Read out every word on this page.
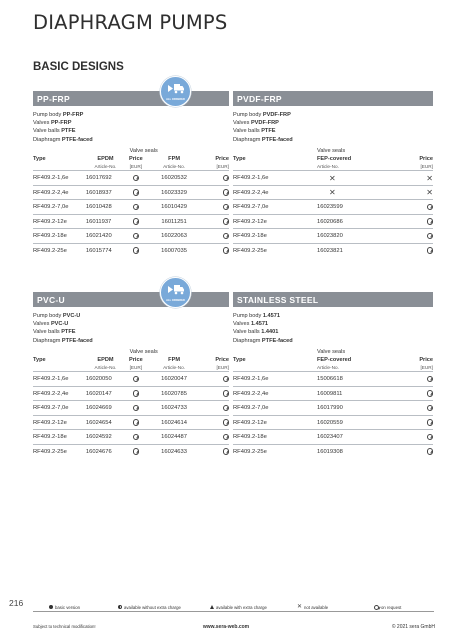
DIAPHRAGM PUMPS
BASIC DESIGNS
PP-FRP
Pump body PP-FRP
Valves PP-FRP
Valve balls PTFE
Diaphragm PTFE-faced
	Valve seals			
Type	EPDM	Price	FPM	Price
	Article-No.	[EUR]	Article-No.	[EUR]
RF409.2-1,6e	16017692		16020532	
RF409.2-2,4e	16018937		16023329	
RF409.2-7,0e	16010428		16010429	
RF409.2-12e	16011937		16011251	
RF409.2-18e	16021420		16022063	
RF409.2-25e	16015774		16007035	
PVDF-FRP
Pump body PVDF-FRP
Valves PVDF-FRP
Valve balls PTFE
Diaphragm PTFE-faced
	Valve seals	
Type	FEP-covered	Price
	Article-No.	[EUR]
RF409.2-1,6e	✕	✕
RF409.2-2,4e	✕	✕
RF409.2-7,0e	16023599	
RF409.2-12e	16020686	
RF409.2-18e	16023820	
RF409.2-25e	16023821	
PVC-U
Pump body PVC-U
Valves PVC-U
Valve balls PTFE
Diaphragm PTFE-faced
	Valve seals			
Type	EPDM	Price	FPM	Price
	Article-No.	[EUR]	Article-No.	[EUR]
RF409.2-1,6e	16020050		16020047	
RF409.2-2,4e	16020147		16020785	
RF409.2-7,0e	16024669		16024733	
RF409.2-12e	16024654		16024614	
RF409.2-18e	16024592		16024487	
RF409.2-25e	16024676		16024633	
STAINLESS STEEL
Pump body 1.4571
Valves 1.4571
Valve balls 1.4401
Diaphragm PTFE-faced
	Valve seals	
Type	FEP-covered	Price
	Article-No.	[EUR]
RF409.2-1,6e	15006618	
RF409.2-2,4e	16009811	
RF409.2-7,0e	16017990	
RF409.2-12e	16020559	
RF409.2-18e	16023407	
RF409.2-25e	16019308	
ALL ORDERED
ALL ORDERED
216	basic version	available without extra charge	available with extra charge	✕ not available	on request
Subject to technical modification!	www.sera-web.com	© 2021 sera GmbH
